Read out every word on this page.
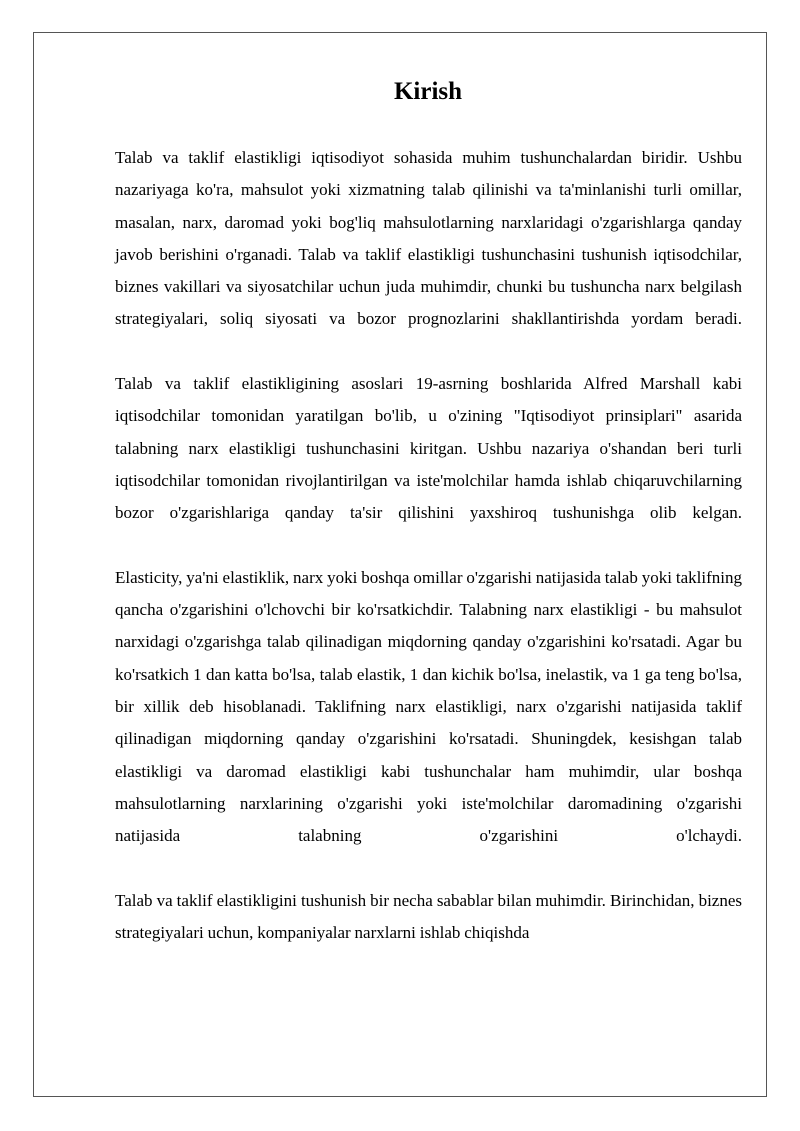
Kirish

Talab va taklif elastikligi iqtisodiyot sohasida muhim tushunchalardan biridir. Ushbu nazariyaga ko'ra, mahsulot yoki xizmatning talab qilinishi va ta'minlanishi turli omillar, masalan, narx, daromad yoki bog'liq mahsulotlarning narxlaridagi o'zgarishlarga qanday javob berishini o'rganadi. Talab va taklif elastikligi tushunchasini tushunish iqtisodchilar, biznes vakillari va siyosatchilar uchun juda muhimdir, chunki bu tushuncha narx belgilash strategiyalari, soliq siyosati va bozor prognozlarini shakllantirishda yordam beradi.

Talab va taklif elastikligining asoslari 19-asrning boshlarida Alfred Marshall kabi iqtisodchilar tomonidan yaratilgan bo'lib, u o'zining "Iqtisodiyot prinsiplari" asarida talabning narx elastikligi tushunchasini kiritgan. Ushbu nazariya o'shandan beri turli iqtisodchilar tomonidan rivojlantirilgan va iste'molchilar hamda ishlab chiqaruvchilarning bozor o'zgarishlariga qanday ta'sir qilishini yaxshiroq tushunishga olib kelgan.

Elasticity, ya'ni elastiklik, narx yoki boshqa omillar o'zgarishi natijasida talab yoki taklifning qancha o'zgarishini o'lchovchi bir ko'rsatkichdir. Talabning narx elastikligi - bu mahsulot narxidagi o'zgarishga talab qilinadigan miqdorning qanday o'zgarishini ko'rsatadi. Agar bu ko'rsatkich 1 dan katta bo'lsa, talab elastik, 1 dan kichik bo'lsa, inelastik, va 1 ga teng bo'lsa, bir xillik deb hisoblanadi. Taklifning narx elastikligi, narx o'zgarishi natijasida taklif qilinadigan miqdorning qanday o'zgarishini ko'rsatadi. Shuningdek, kesishgan talab elastikligi va daromad elastikligi kabi tushunchalar ham muhimdir, ular boshqa mahsulotlarning narxlarining o'zgarishi yoki iste'molchilar daromadining o'zgarishi natijasida talabning o'zgarishini o'lchaydi.

Talab va taklif elastikligini tushunish bir necha sabablar bilan muhimdir. Birinchidan, biznes strategiyalari uchun, kompaniyalar narxlarni ishlab chiqishda
